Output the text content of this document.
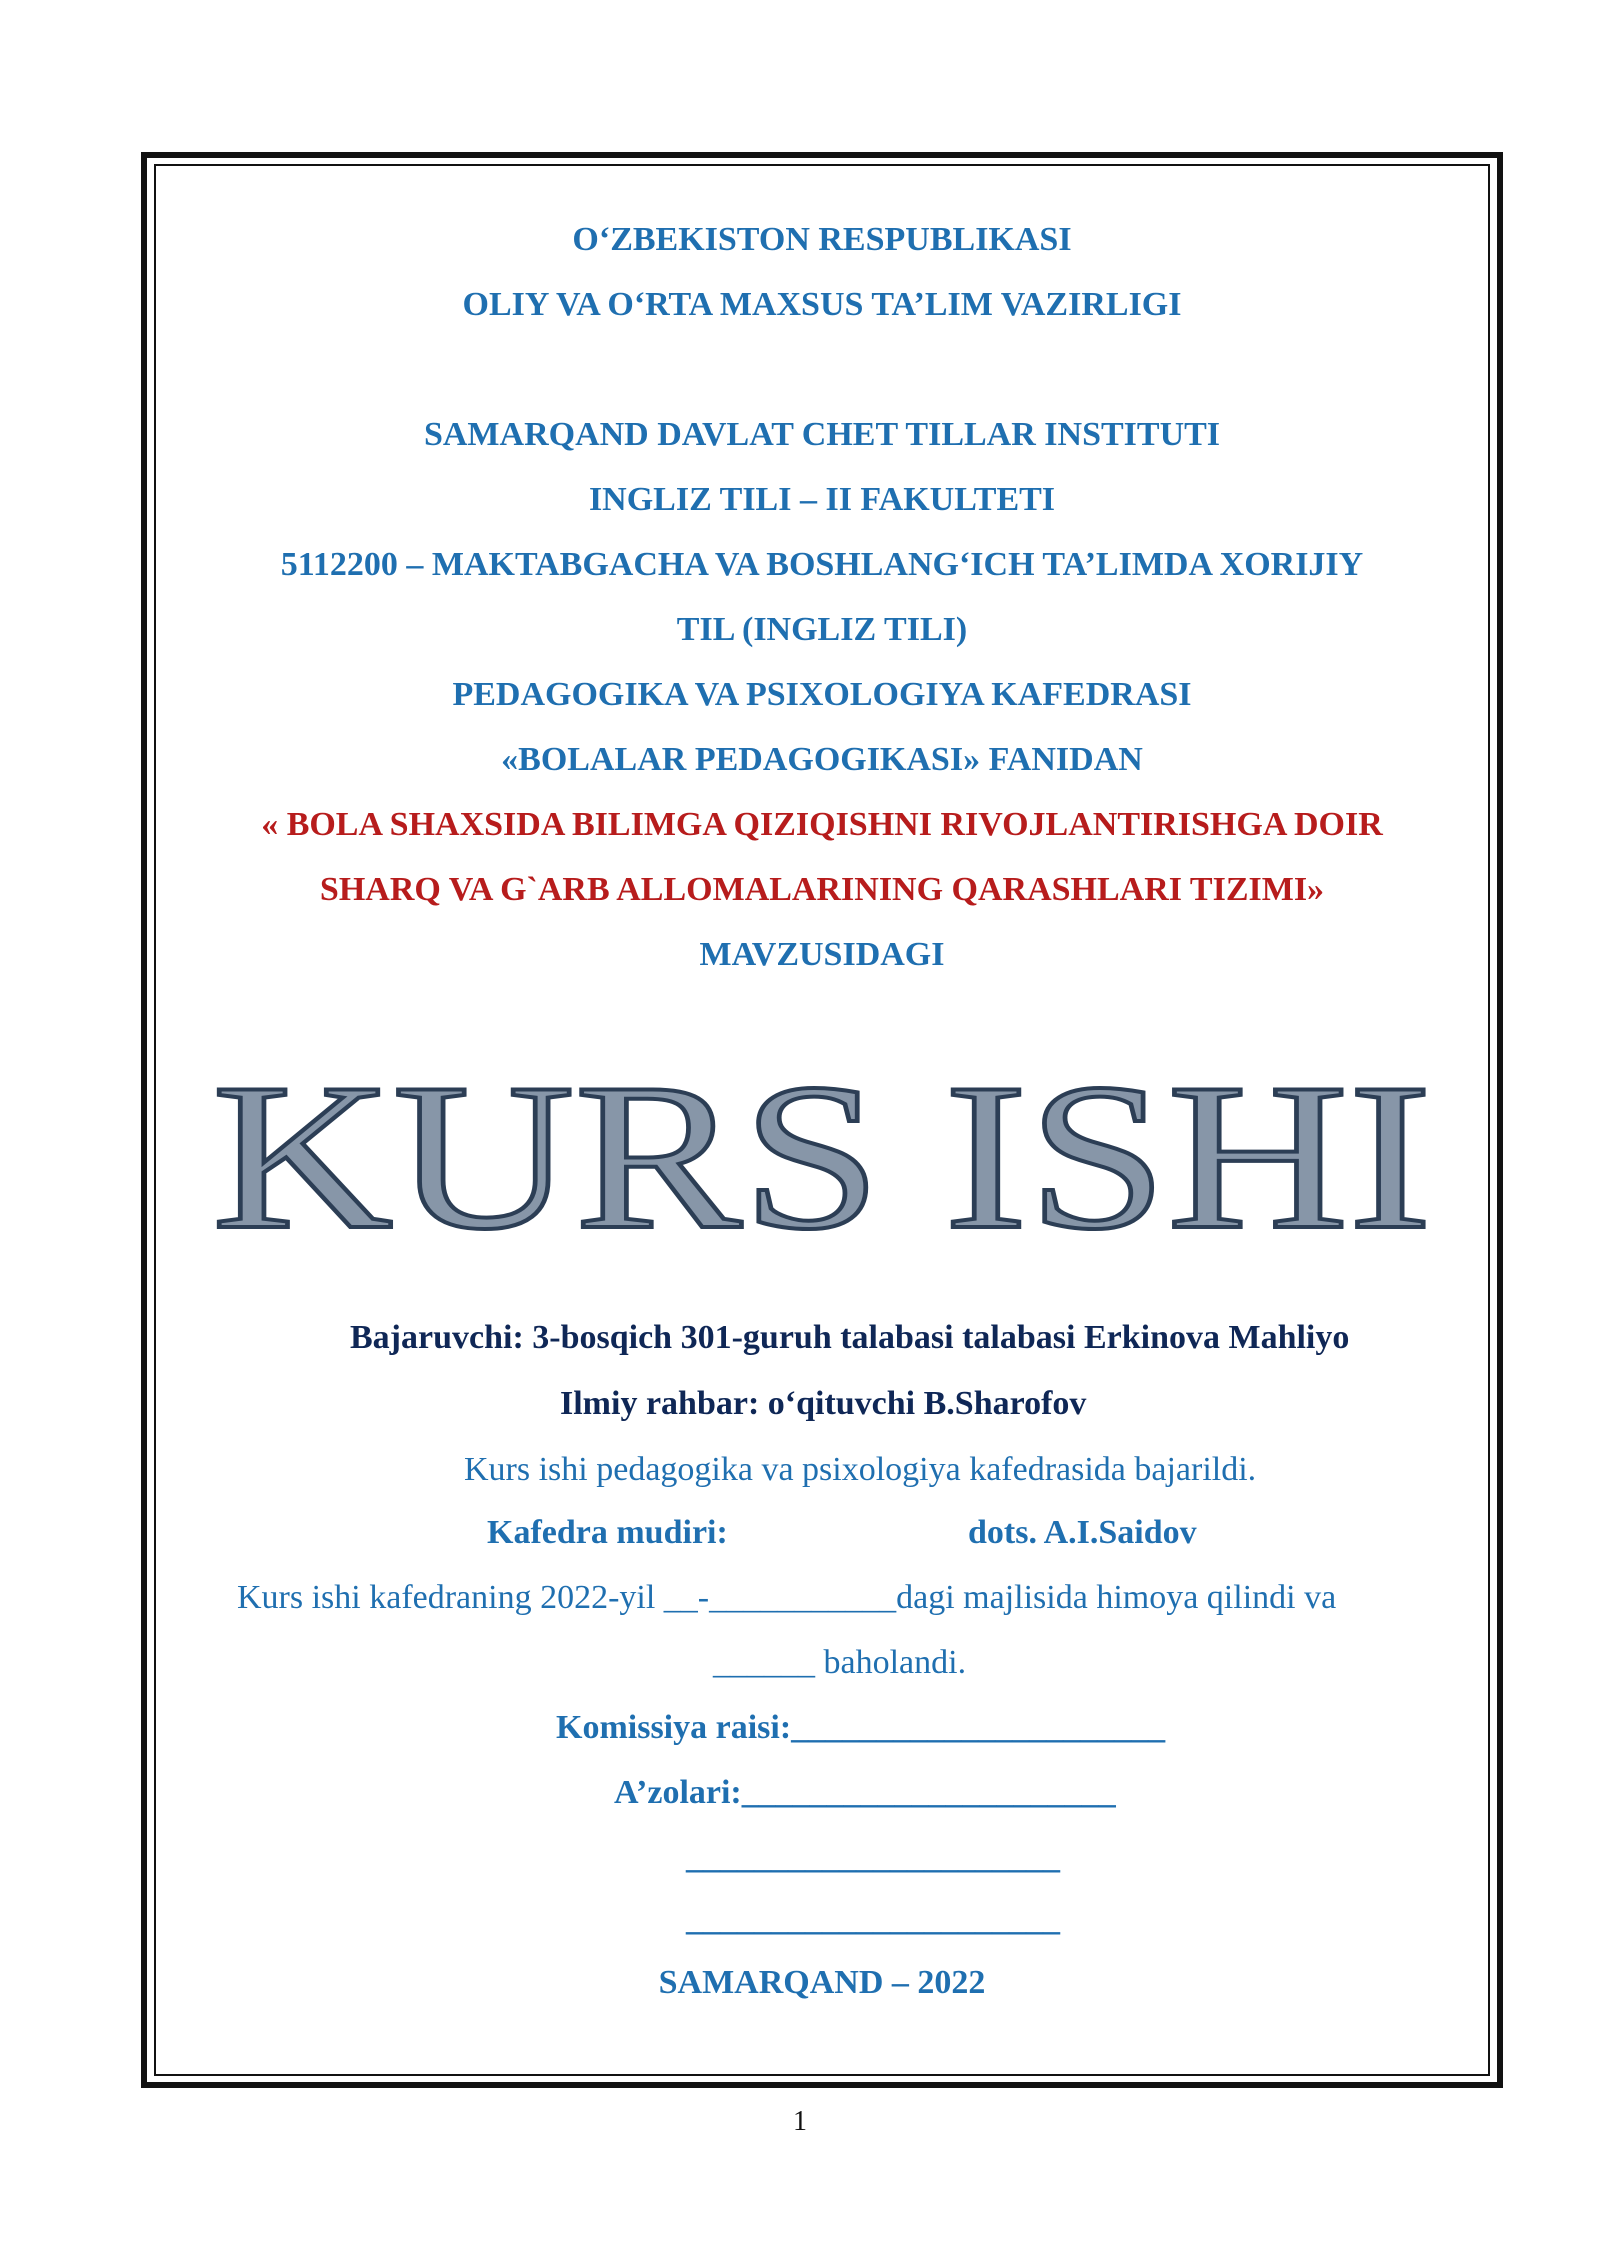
O‘ZBEKISTON RESPUBLIKASI
OLIY VA O‘RTA MAXSUS TA’LIM VAZIRLIGI
SAMARQAND DAVLAT CHET TILLAR INSTITUTI
INGLIZ TILI – II FAKULTETI
5112200 – MAKTABGACHA VA BOSHLANG‘ICH TA’LIMDA XORIJIY
TIL (INGLIZ TILI)
PEDAGOGIKA VA PSIXOLOGIYA KAFEDRASI
«BOLALAR PEDAGOGIKASI» FANIDAN
« BOLA SHAXSIDA BILIMGA QIZIQISHNI RIVOJLANTIRISHGA DOIR
SHARQ VA G`ARB ALLOMALARINING QARASHLARI TIZIMI»
MAVZUSIDAGI
KURS ISHI
Bajaruvchi: 3-bosqich 301-guruh talabasi talabasi Erkinova Mahliyo
Ilmiy rahbar: o‘qituvchi B.Sharofov
Kurs ishi pedagogika va psixologiya kafedrasida bajarildi.
Kafedra mudiri:	dots. A.I.Saidov
Kurs ishi kafedraning 2022-yil __-___________dagi majlisida himoya qilindi va
______ baholandi.
Komissiya raisi:______________________
A’zolari:______________________
______________________
______________________
SAMARQAND – 2022
1
